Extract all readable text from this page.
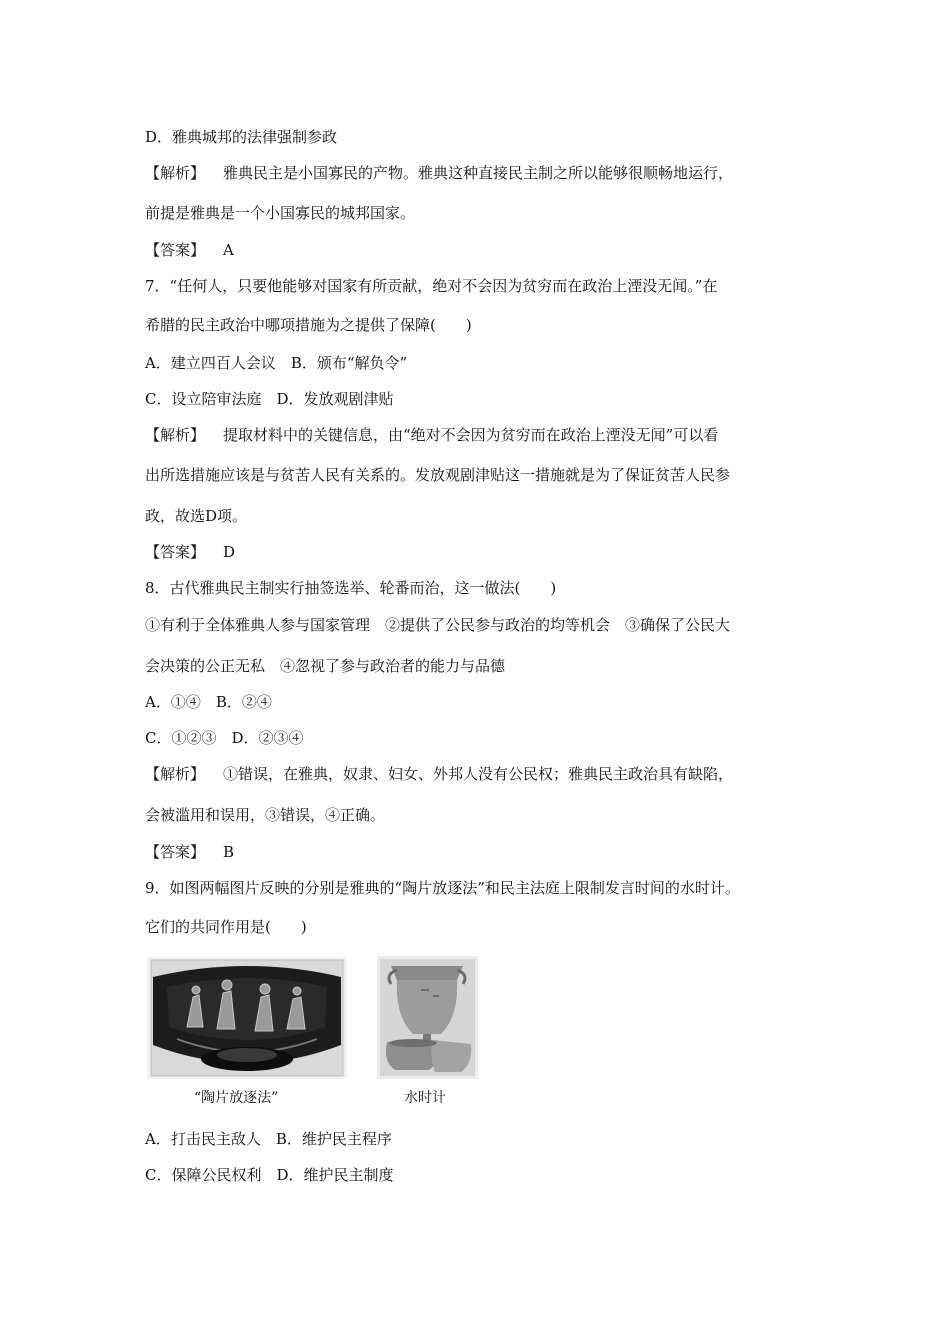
D．雅典城邦的法律强制参政
【解析】 雅典民主是小国寡民的产物。雅典这种直接民主制之所以能够很顺畅地运行，
前提是雅典是一个小国寡民的城邦国家。
【答案】 A
7．“任何人，只要他能够对国家有所贡献，绝对不会因为贫穷而在政治上湮没无闻。”在
希腊的民主政治中哪项措施为之提供了保障(　　)
A．建立四百人会议　B．颁布“解负令”
C．设立陪审法庭　D．发放观剧津贴
【解析】 提取材料中的关键信息，由“绝对不会因为贫穷而在政治上湮没无闻”可以看
出所选措施应该是与贫苦人民有关系的。发放观剧津贴这一措施就是为了保证贫苦人民参
政，故选D项。
【答案】 D
8．古代雅典民主制实行抽签选举、轮番而治，这一做法(　　)
①有利于全体雅典人参与国家管理　②提供了公民参与政治的均等机会　③确保了公民大
会决策的公正无私　④忽视了参与政治者的能力与品德
A．①④　B．②④
C．①②③　D．②③④
【解析】 ①错误，在雅典，奴隶、妇女、外邦人没有公民权；雅典民主政治具有缺陷，
会被滥用和误用，③错误，④正确。
【答案】 B
9．如图两幅图片反映的分别是雅典的“陶片放逐法”和民主法庭上限制发言时间的水时计。
它们的共同作用是(　　)
“陶片放逐法”	水时计
A．打击民主敌人　B．维护民主程序
C．保障公民权利　D．维护民主制度
